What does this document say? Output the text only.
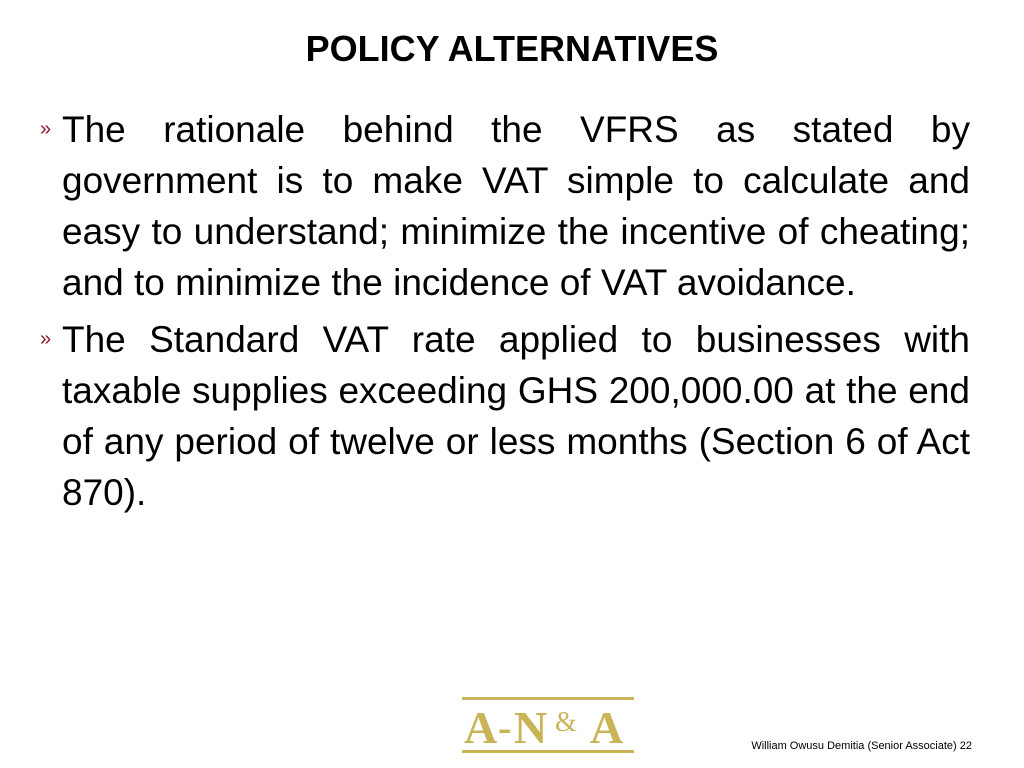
POLICY ALTERNATIVES
» The rationale behind the VFRS as stated by government is to make VAT simple to calculate and easy to understand; minimize the incentive of cheating; and to minimize the incidence of VAT avoidance.
» The Standard VAT rate applied to businesses with taxable supplies exceeding GHS 200,000.00 at the end of any period of twelve or less months (Section 6 of Act 870).
A - N & A	William Owusu Demitia (Senior Associate) 22
